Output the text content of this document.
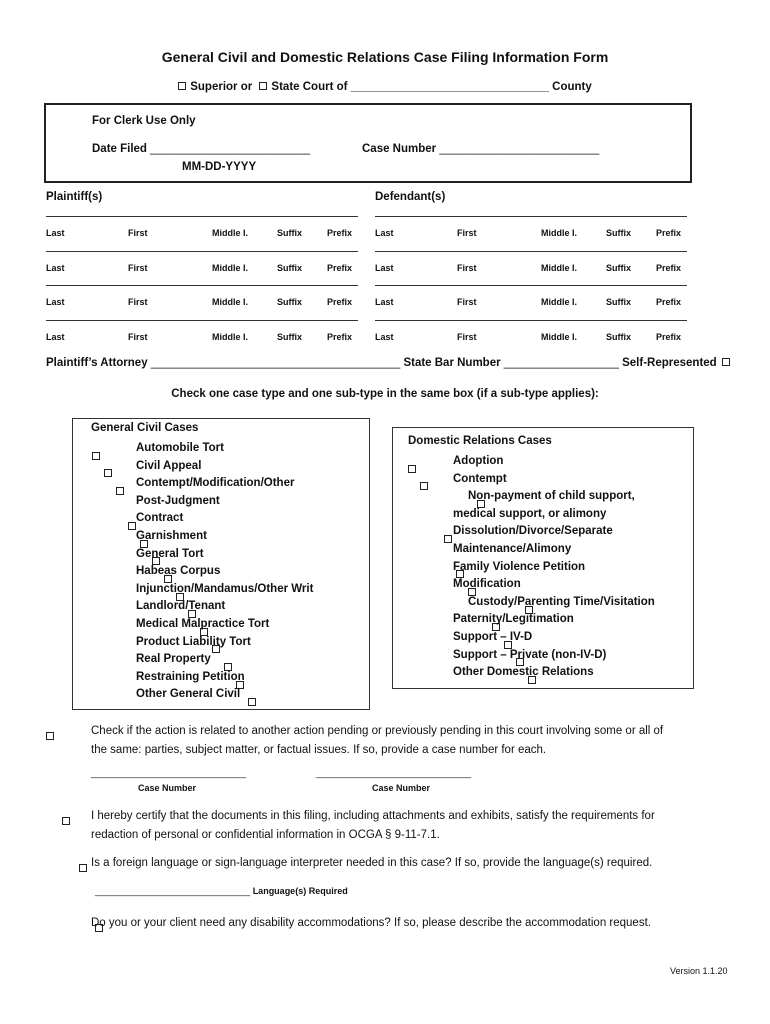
General Civil and Domestic Relations Case Filing Information Form
Superior or State Court of _______________________________ County
For Clerk Use Only
Date Filed _________________________
MM-DD-YYYY
Case Number _________________________
Plaintiff(s)	Defendant(s)
Last	First	Middle I.	Suffix	Prefix	Last	First	Middle I.	Suffix	Prefix
Last	First	Middle I.	Suffix	Prefix	Last	First	Middle I.	Suffix	Prefix
Last	First	Middle I.	Suffix	Prefix	Last	First	Middle I.	Suffix	Prefix
Last	First	Middle I.	Suffix	Prefix	Last	First	Middle I.	Suffix	Prefix
Plaintiff’s Attorney _______________________________________ State Bar Number __________________ Self-Represented
Check one case type and one sub-type in the same box (if a sub-type applies):
General Civil Cases
Automobile Tort
Civil Appeal
Contempt/Modification/Other
Post-Judgment
Contract
Garnishment
General Tort
Habeas Corpus
Injunction/Mandamus/Other Writ
Landlord/Tenant
Medical Malpractice Tort
Product Liability Tort
Real Property
Restraining Petition
Other General Civil
Domestic Relations Cases
Adoption
Contempt
Non-payment of child support,
medical support, or alimony
Dissolution/Divorce/Separate
Maintenance/Alimony
Family Violence Petition
Modification
Custody/Parenting Time/Visitation
Paternity/Legitimation
Support – IV-D
Support – Private (non-IV-D)
Other Domestic Relations

Check if the action is related to another action pending or previously pending in this court involving some or all of
the same: parties, subject matter, or factual issues. If so, provide a case number for each.
_______________________________	_______________________________
Case Number	Case Number

I hereby certify that the documents in this filing, including attachments and exhibits, satisfy the requirements for
redaction of personal or confidential information in OCGA § 9-11-7.1.

Is a foreign language or sign-language interpreter needed in this case? If so, provide the language(s) required.
_______________________________ Language(s) Required
Do you or your client need any disability accommodations? If so, please describe the accommodation request.
Version 1.1.20
